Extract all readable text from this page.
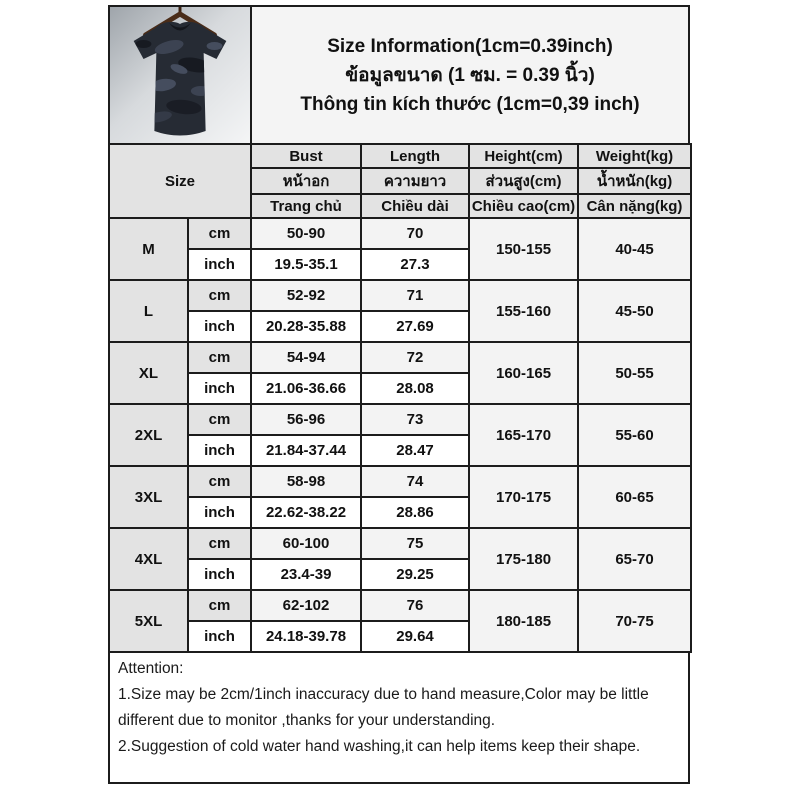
Size Information(1cm=0.39inch)
ข้อมูลขนาด (1 ซม. = 0.39 นิ้ว)
Thông tin kích thước (1cm=0,39 inch)
Size		Bust	Length	Height(cm)	Weight(kg)
		หน้าอก	ความยาว	ส่วนสูง(cm)	น้ำหนัก(kg)
		Trang chủ	Chiều dài	Chiều cao(cm)	Cân nặng(kg)
M	cm	50-90	70	150-155	40-45
	inch	19.5-35.1	27.3		
L	cm	52-92	71	155-160	45-50
	inch	20.28-35.88	27.69		
XL	cm	54-94	72	160-165	50-55
	inch	21.06-36.66	28.08		
2XL	cm	56-96	73	165-170	55-60
	inch	21.84-37.44	28.47		
3XL	cm	58-98	74	170-175	60-65
	inch	22.62-38.22	28.86		
4XL	cm	60-100	75	175-180	65-70
	inch	23.4-39	29.25		
5XL	cm	62-102	76	180-185	70-75
	inch	24.18-39.78	29.64		
Attention:
1.Size may be 2cm/1inch inaccuracy due to hand measure,Color may be little different due to monitor ,thanks for your understanding.
2.Suggestion of cold water hand washing,it can help items keep their shape.
